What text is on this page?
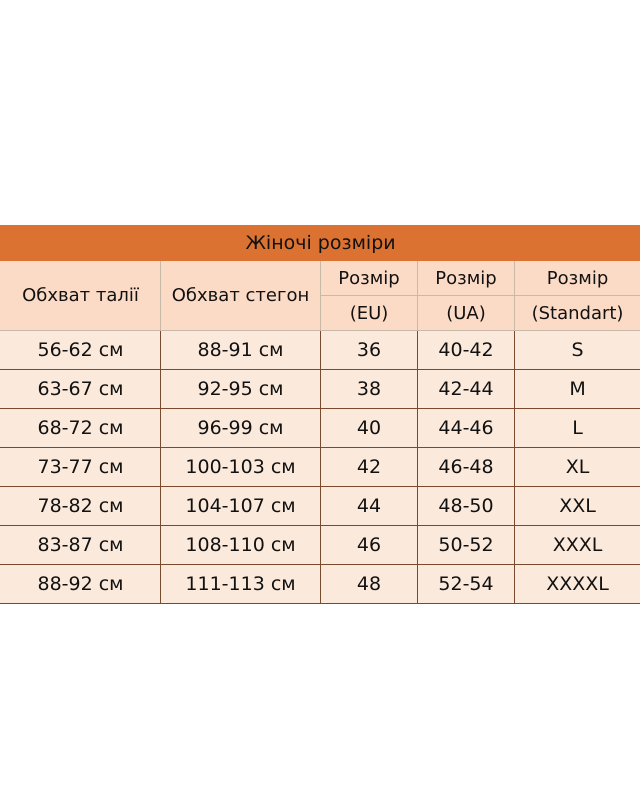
Жіночі розміри				
Обхват талії	Обхват стегон	Розмір	Розмір	Розмір
		(EU)	(UA)	(Standart)
56-62 см	88-91 см	36	40-42	S
63-67 см	92-95 см	38	42-44	M
68-72 см	96-99 см	40	44-46	L
73-77 см	100-103 см	42	46-48	XL
78-82 см	104-107 см	44	48-50	XXL
83-87 см	108-110 см	46	50-52	XXXL
88-92 см	111-113 см	48	52-54	XXXXL
